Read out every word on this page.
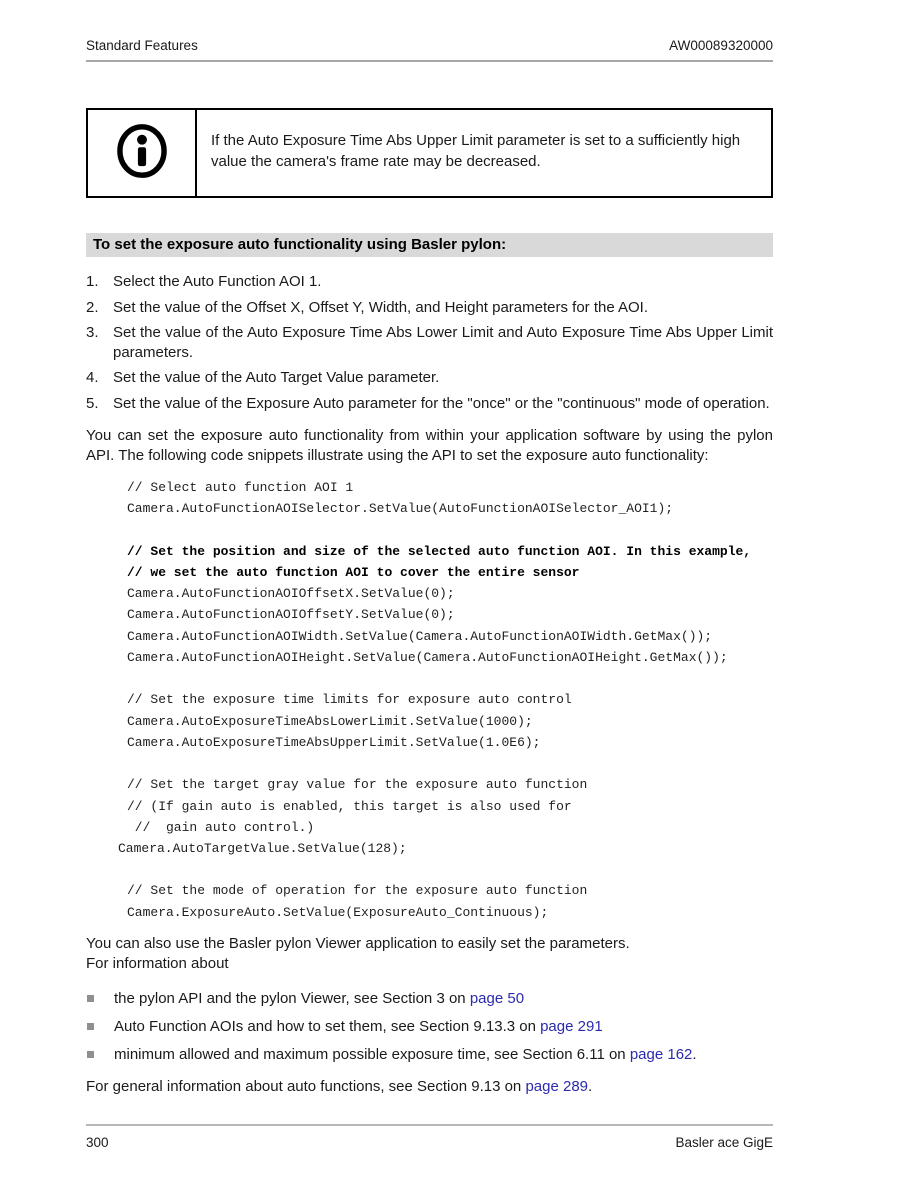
Standard Features	AW00089320000
If the Auto Exposure Time Abs Upper Limit parameter is set to a sufficiently high value the camera's frame rate may be decreased.
To set the exposure auto functionality using Basler pylon:
1. Select the Auto Function AOI 1.
2. Set the value of the Offset X, Offset Y, Width, and Height parameters for the AOI.
3. Set the value of the Auto Exposure Time Abs Lower Limit and Auto Exposure Time Abs Upper Limit parameters.
4. Set the value of the Auto Target Value parameter.
5. Set the value of the Exposure Auto parameter for the "once" or the "continuous" mode of operation.
You can set the exposure auto functionality from within your application software by using the pylon API. The following code snippets illustrate using the API to set the exposure auto functionality:
// Select auto function AOI 1
Camera.AutoFunctionAOISelector.SetValue(AutoFunctionAOISelector_AOI1);
// Set the position and size of the selected auto function AOI. In this example,
// we set the auto function AOI to cover the entire sensor
Camera.AutoFunctionAOIOffsetX.SetValue(0);
Camera.AutoFunctionAOIOffsetY.SetValue(0);
Camera.AutoFunctionAOIWidth.SetValue(Camera.AutoFunctionAOIWidth.GetMax());
Camera.AutoFunctionAOIHeight.SetValue(Camera.AutoFunctionAOIHeight.GetMax());
// Set the exposure time limits for exposure auto control
Camera.AutoExposureTimeAbsLowerLimit.SetValue(1000);
Camera.AutoExposureTimeAbsUpperLimit.SetValue(1.0E6);
// Set the target gray value for the exposure auto function
// (If gain auto is enabled, this target is also used for
//  gain auto control.)
Camera.AutoTargetValue.SetValue(128);
// Set the mode of operation for the exposure auto function
Camera.ExposureAuto.SetValue(ExposureAuto_Continuous);
You can also use the Basler pylon Viewer application to easily set the parameters.
For information about
the pylon API and the pylon Viewer, see Section 3 on page 50
Auto Function AOIs and how to set them, see Section 9.13.3 on page 291
minimum allowed and maximum possible exposure time, see Section 6.11 on page 162.
For general information about auto functions, see Section 9.13 on page 289.
300	Basler ace GigE
